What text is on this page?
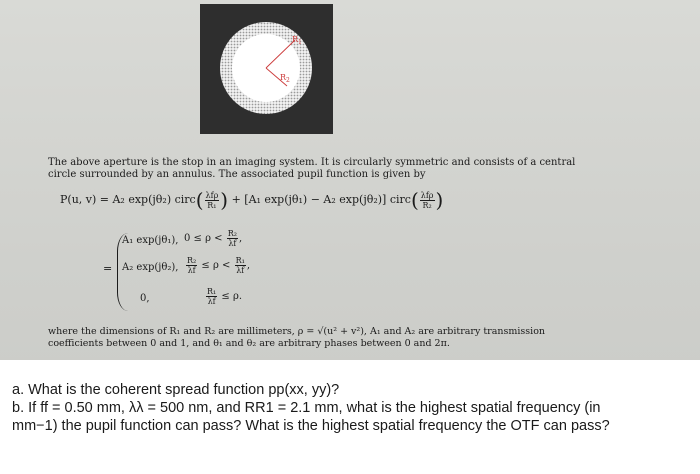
$R_1$
$R_2$
The above aperture is the stop in an imaging system. It is circularly symmetric and consists of a central
circle surrounded by an annulus. The associated pupil function is given by
P(u, v) = A₂ exp(jθ₂) circ( $\frac{\text{λfρ}}{\text{R₁}}$ ) + [A₁ exp(jθ₁) − A₂ exp(jθ₂)] circ( $\frac{\text{λfρ}}{\text{R₂}}$ )
=
A₁ exp(jθ₁), $0 \le \rho < \frac{\text{R₂}}{\lambda f}$ ,
A₂ exp(jθ₂), $\frac{\text{R₂}}{\lambda f} \le \rho < \frac{\text{R₁}}{\lambda f}$ ,
0,	$\frac{\text{R₁}}{\lambda f} \le \rho$.
where the dimensions of R₁ and R₂ are millimeters, ρ = √(u² + v²), A₁ and A₂ are arbitrary transmission
coefficients between 0 and 1, and θ₁ and θ₂ are arbitrary phases between 0 and 2π.
a. What is the coherent spread function pp(xx, yy)?
b. If ff = 0.50 mm, λλ = 500 nm, and RR1 = 2.1 mm, what is the highest spatial frequency (in
mm−1) the pupil function can pass? What is the highest spatial frequency the OTF can pass?
